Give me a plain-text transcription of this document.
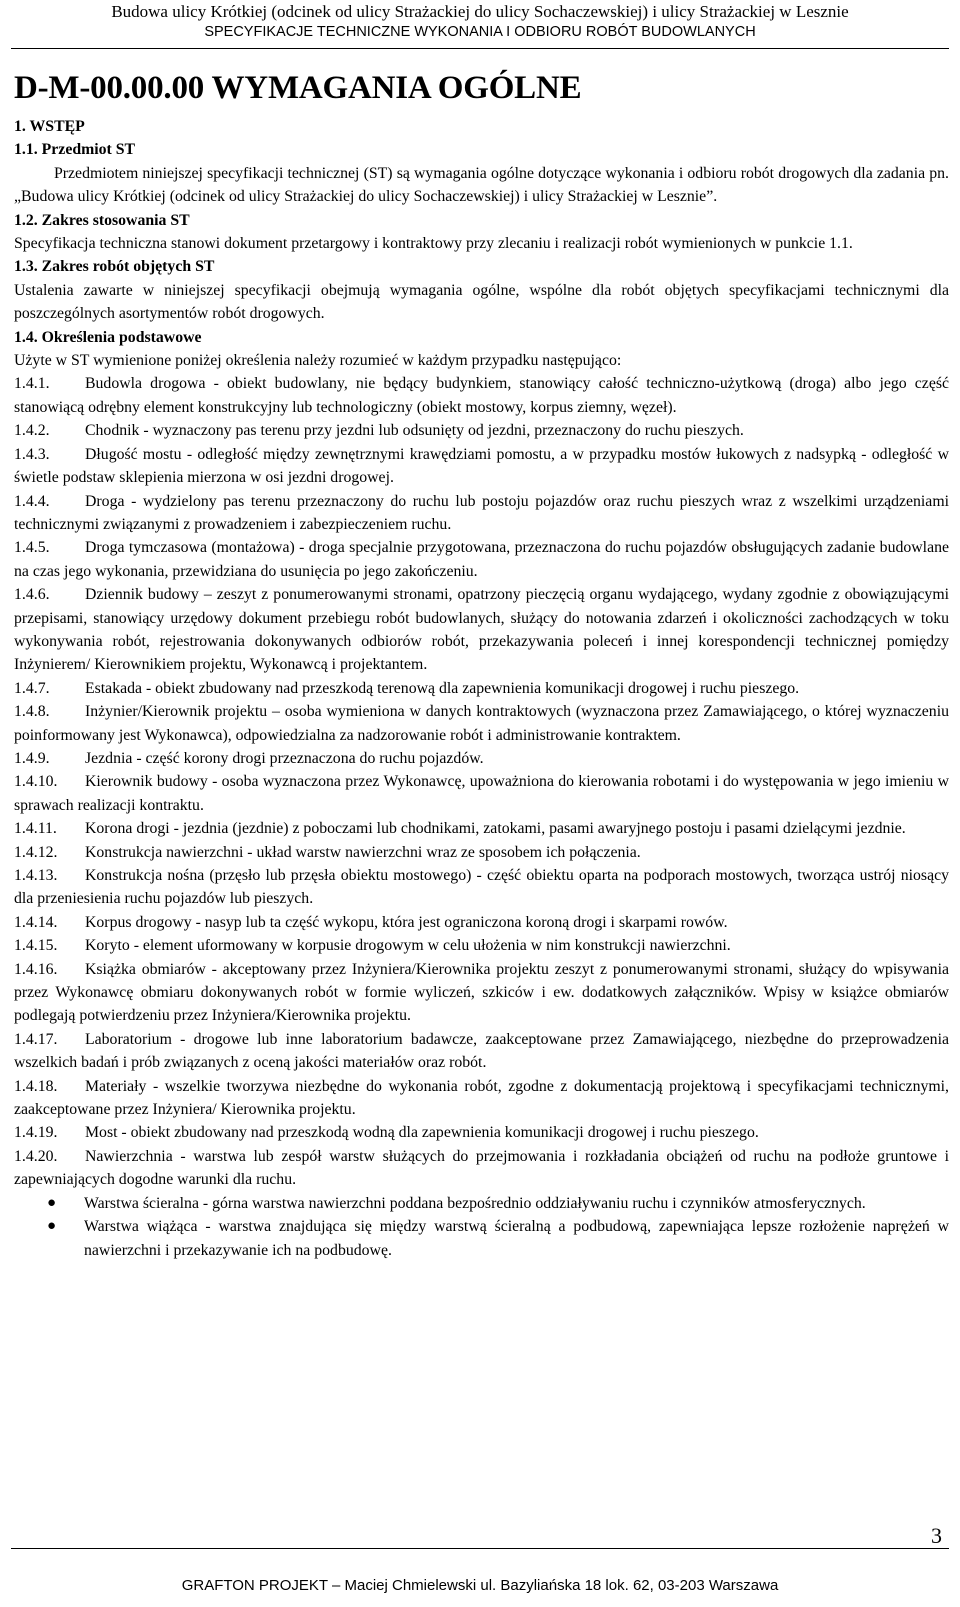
Budowa ulicy Krótkiej (odcinek od ulicy Strażackiej do ulicy Sochaczewskiej) i ulicy Strażackiej w Lesznie
SPECYFIKACJE TECHNICZNE WYKONANIA I ODBIORU ROBÓT BUDOWLANYCH
D-M-00.00.00 WYMAGANIA OGÓLNE
1. WSTĘP
1.1. Przedmiot ST
Przedmiotem niniejszej specyfikacji technicznej (ST) są wymagania ogólne dotyczące wykonania i odbioru robót drogowych dla zadania pn. „Budowa ulicy Krótkiej (odcinek od ulicy Strażackiej do ulicy Sochaczewskiej) i ulicy Strażackiej w Lesznie”.
1.2. Zakres stosowania ST
Specyfikacja techniczna stanowi dokument przetargowy i kontraktowy przy zlecaniu i realizacji robót wymienionych w punkcie 1.1.
1.3. Zakres robót objętych ST
Ustalenia zawarte w niniejszej specyfikacji obejmują wymagania ogólne, wspólne dla robót objętych specyfikacjami technicznymi dla poszczególnych asortymentów robót drogowych.
1.4. Określenia podstawowe
Użyte w ST wymienione poniżej określenia należy rozumieć w każdym przypadku następująco:
1.4.1. Budowla drogowa - obiekt budowlany, nie będący budynkiem, stanowiący całość techniczno-użytkową (droga) albo jego część stanowiącą odrębny element konstrukcyjny lub technologiczny (obiekt mostowy, korpus ziemny, węzeł).
1.4.2. Chodnik - wyznaczony pas terenu przy jezdni lub odsunięty od jezdni, przeznaczony do ruchu pieszych.
1.4.3. Długość mostu - odległość między zewnętrznymi krawędziami pomostu, a w przypadku mostów łukowych z nadsypką - odległość w świetle podstaw sklepienia mierzona w osi jezdni drogowej.
1.4.4. Droga - wydzielony pas terenu przeznaczony do ruchu lub postoju pojazdów oraz ruchu pieszych wraz z wszelkimi urządzeniami technicznymi związanymi z prowadzeniem i zabezpieczeniem ruchu.
1.4.5. Droga tymczasowa (montażowa) - droga specjalnie przygotowana, przeznaczona do ruchu pojazdów obsługujących zadanie budowlane na czas jego wykonania, przewidziana do usunięcia po jego zakończeniu.
1.4.6. Dziennik budowy – zeszyt z ponumerowanymi stronami, opatrzony pieczęcią organu wydającego, wydany zgodnie z obowiązującymi przepisami, stanowiący urzędowy dokument przebiegu robót budowlanych, służący do notowania zdarzeń i okoliczności zachodzących w toku wykonywania robót, rejestrowania dokonywanych odbiorów robót, przekazywania poleceń i innej korespondencji technicznej pomiędzy Inżynierem/ Kierownikiem projektu, Wykonawcą i projektantem.
1.4.7. Estakada - obiekt zbudowany nad przeszkodą terenową dla zapewnienia komunikacji drogowej i ruchu pieszego.
1.4.8. Inżynier/Kierownik projektu – osoba wymieniona w danych kontraktowych (wyznaczona przez Zamawiającego, o której wyznaczeniu poinformowany jest Wykonawca), odpowiedzialna za nadzorowanie robót i administrowanie kontraktem.
1.4.9. Jezdnia - część korony drogi przeznaczona do ruchu pojazdów.
1.4.10. Kierownik budowy - osoba wyznaczona przez Wykonawcę, upoważniona do kierowania robotami i do występowania w jego imieniu w sprawach realizacji kontraktu.
1.4.11. Korona drogi - jezdnia (jezdnie) z poboczami lub chodnikami, zatokami, pasami awaryjnego postoju i pasami dzielącymi jezdnie.
1.4.12. Konstrukcja nawierzchni - układ warstw nawierzchni wraz ze sposobem ich połączenia.
1.4.13. Konstrukcja nośna (przęsło lub przęsła obiektu mostowego) - część obiektu oparta na podporach mostowych, tworząca ustrój niosący dla przeniesienia ruchu pojazdów lub pieszych.
1.4.14. Korpus drogowy - nasyp lub ta część wykopu, która jest ograniczona koroną drogi i skarpami rowów.
1.4.15. Koryto - element uformowany w korpusie drogowym w celu ułożenia w nim konstrukcji nawierzchni.
1.4.16. Książka obmiarów - akceptowany przez Inżyniera/Kierownika projektu zeszyt z ponumerowanymi stronami, służący do wpisywania przez Wykonawcę obmiaru dokonywanych robót w formie wyliczeń, szkiców i ew. dodatkowych załączników. Wpisy w książce obmiarów podlegają potwierdzeniu przez Inżyniera/Kierownika projektu.
1.4.17. Laboratorium - drogowe lub inne laboratorium badawcze, zaakceptowane przez Zamawiającego, niezbędne do przeprowadzenia wszelkich badań i prób związanych z oceną jakości materiałów oraz robót.
1.4.18. Materiały - wszelkie tworzywa niezbędne do wykonania robót, zgodne z dokumentacją projektową i specyfikacjami technicznymi, zaakceptowane przez Inżyniera/ Kierownika projektu.
1.4.19. Most - obiekt zbudowany nad przeszkodą wodną dla zapewnienia komunikacji drogowej i ruchu pieszego.
1.4.20. Nawierzchnia - warstwa lub zespół warstw służących do przejmowania i rozkładania obciążeń od ruchu na podłoże gruntowe i zapewniających dogodne warunki dla ruchu.
● Warstwa ścieralna - górna warstwa nawierzchni poddana bezpośrednio oddziaływaniu ruchu i czynników atmosferycznych.
● Warstwa wiążąca - warstwa znajdująca się między warstwą ścieralną a podbudową, zapewniająca lepsze rozłożenie naprężeń w nawierzchni i przekazywanie ich na podbudowę.
3
GRAFTON PROJEKT – Maciej Chmielewski ul. Bazyliańska 18 lok. 62, 03-203 Warszawa
